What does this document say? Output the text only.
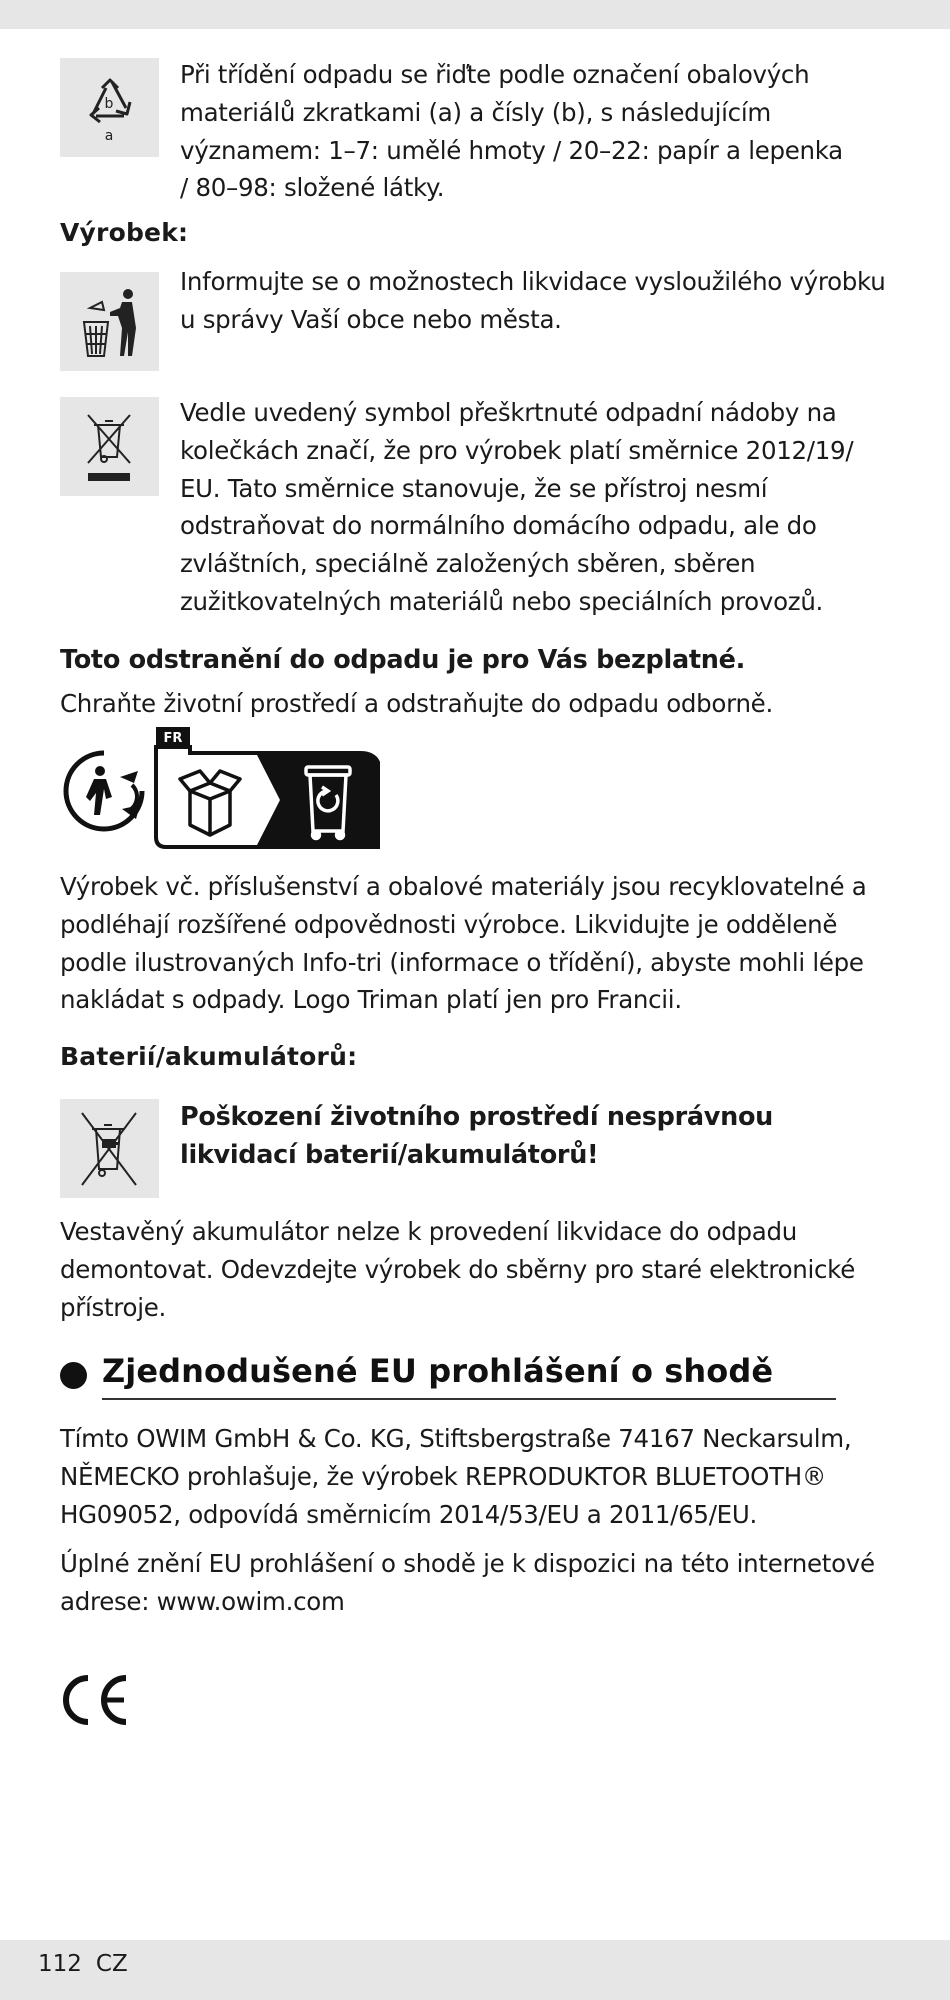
b
a

Při třídění odpadu se řiďte podle označení obalových

materiálů zkratkami (a) a čísly (b), s následujícím

významem: 1–7: umělé hmoty / 20–22: papír a lepenka

/ 80–98: složené látky.

Výrobek:

Informujte se o možnostech likvidace vysloužilého výrobku

u správy Vaší obce nebo města.

Vedle uvedený symbol přeškrtnuté odpadní nádoby na

kolečkách značí, že pro výrobek platí směrnice 2012/19/

EU. Tato směrnice stanovuje, že se přístroj nesmí

odstraňovat do normálního domácího odpadu, ale do

zvláštních, speciálně založených sběren, sběren

zužitkovatelných materiálů nebo speciálních provozů.

Toto odstranění do odpadu je pro Vás bezplatné.
Chraňte životní prostředí a odstraňujte do odpadu odborně.
FR

Výrobek vč. příslušenství a obalové materiály jsou recyklovatelné a

podléhají rozšířené odpovědnosti výrobce. Likvidujte je odděleně

podle ilustrovaných Info-tri (informace o třídění), abyste mohli lépe

nakládat s odpady. Logo Triman platí jen pro Francii.

Baterií/akumulátorů:

Poškození životního prostředí nesprávnou

likvidací baterií/akumulátorů!

Vestavěný akumulátor nelze k provedení likvidace do odpadu

demontovat. Odevzdejte výrobek do sběrny pro staré elektronické

přístroje.

Zjednodušené EU prohlášení o shodě

Tímto OWIM GmbH & Co. KG, Stiftsbergstraße 74167 Neckarsulm,

NĚMECKO prohlašuje, že výrobek REPRODUKTOR BLUETOOTH®

HG09052, odpovídá směrnicím 2014/53/EU a 2011/65/EU.

Úplné znění EU prohlášení o shodě je k dispozici na této internetové

adrese: www.owim.com

112 CZ
